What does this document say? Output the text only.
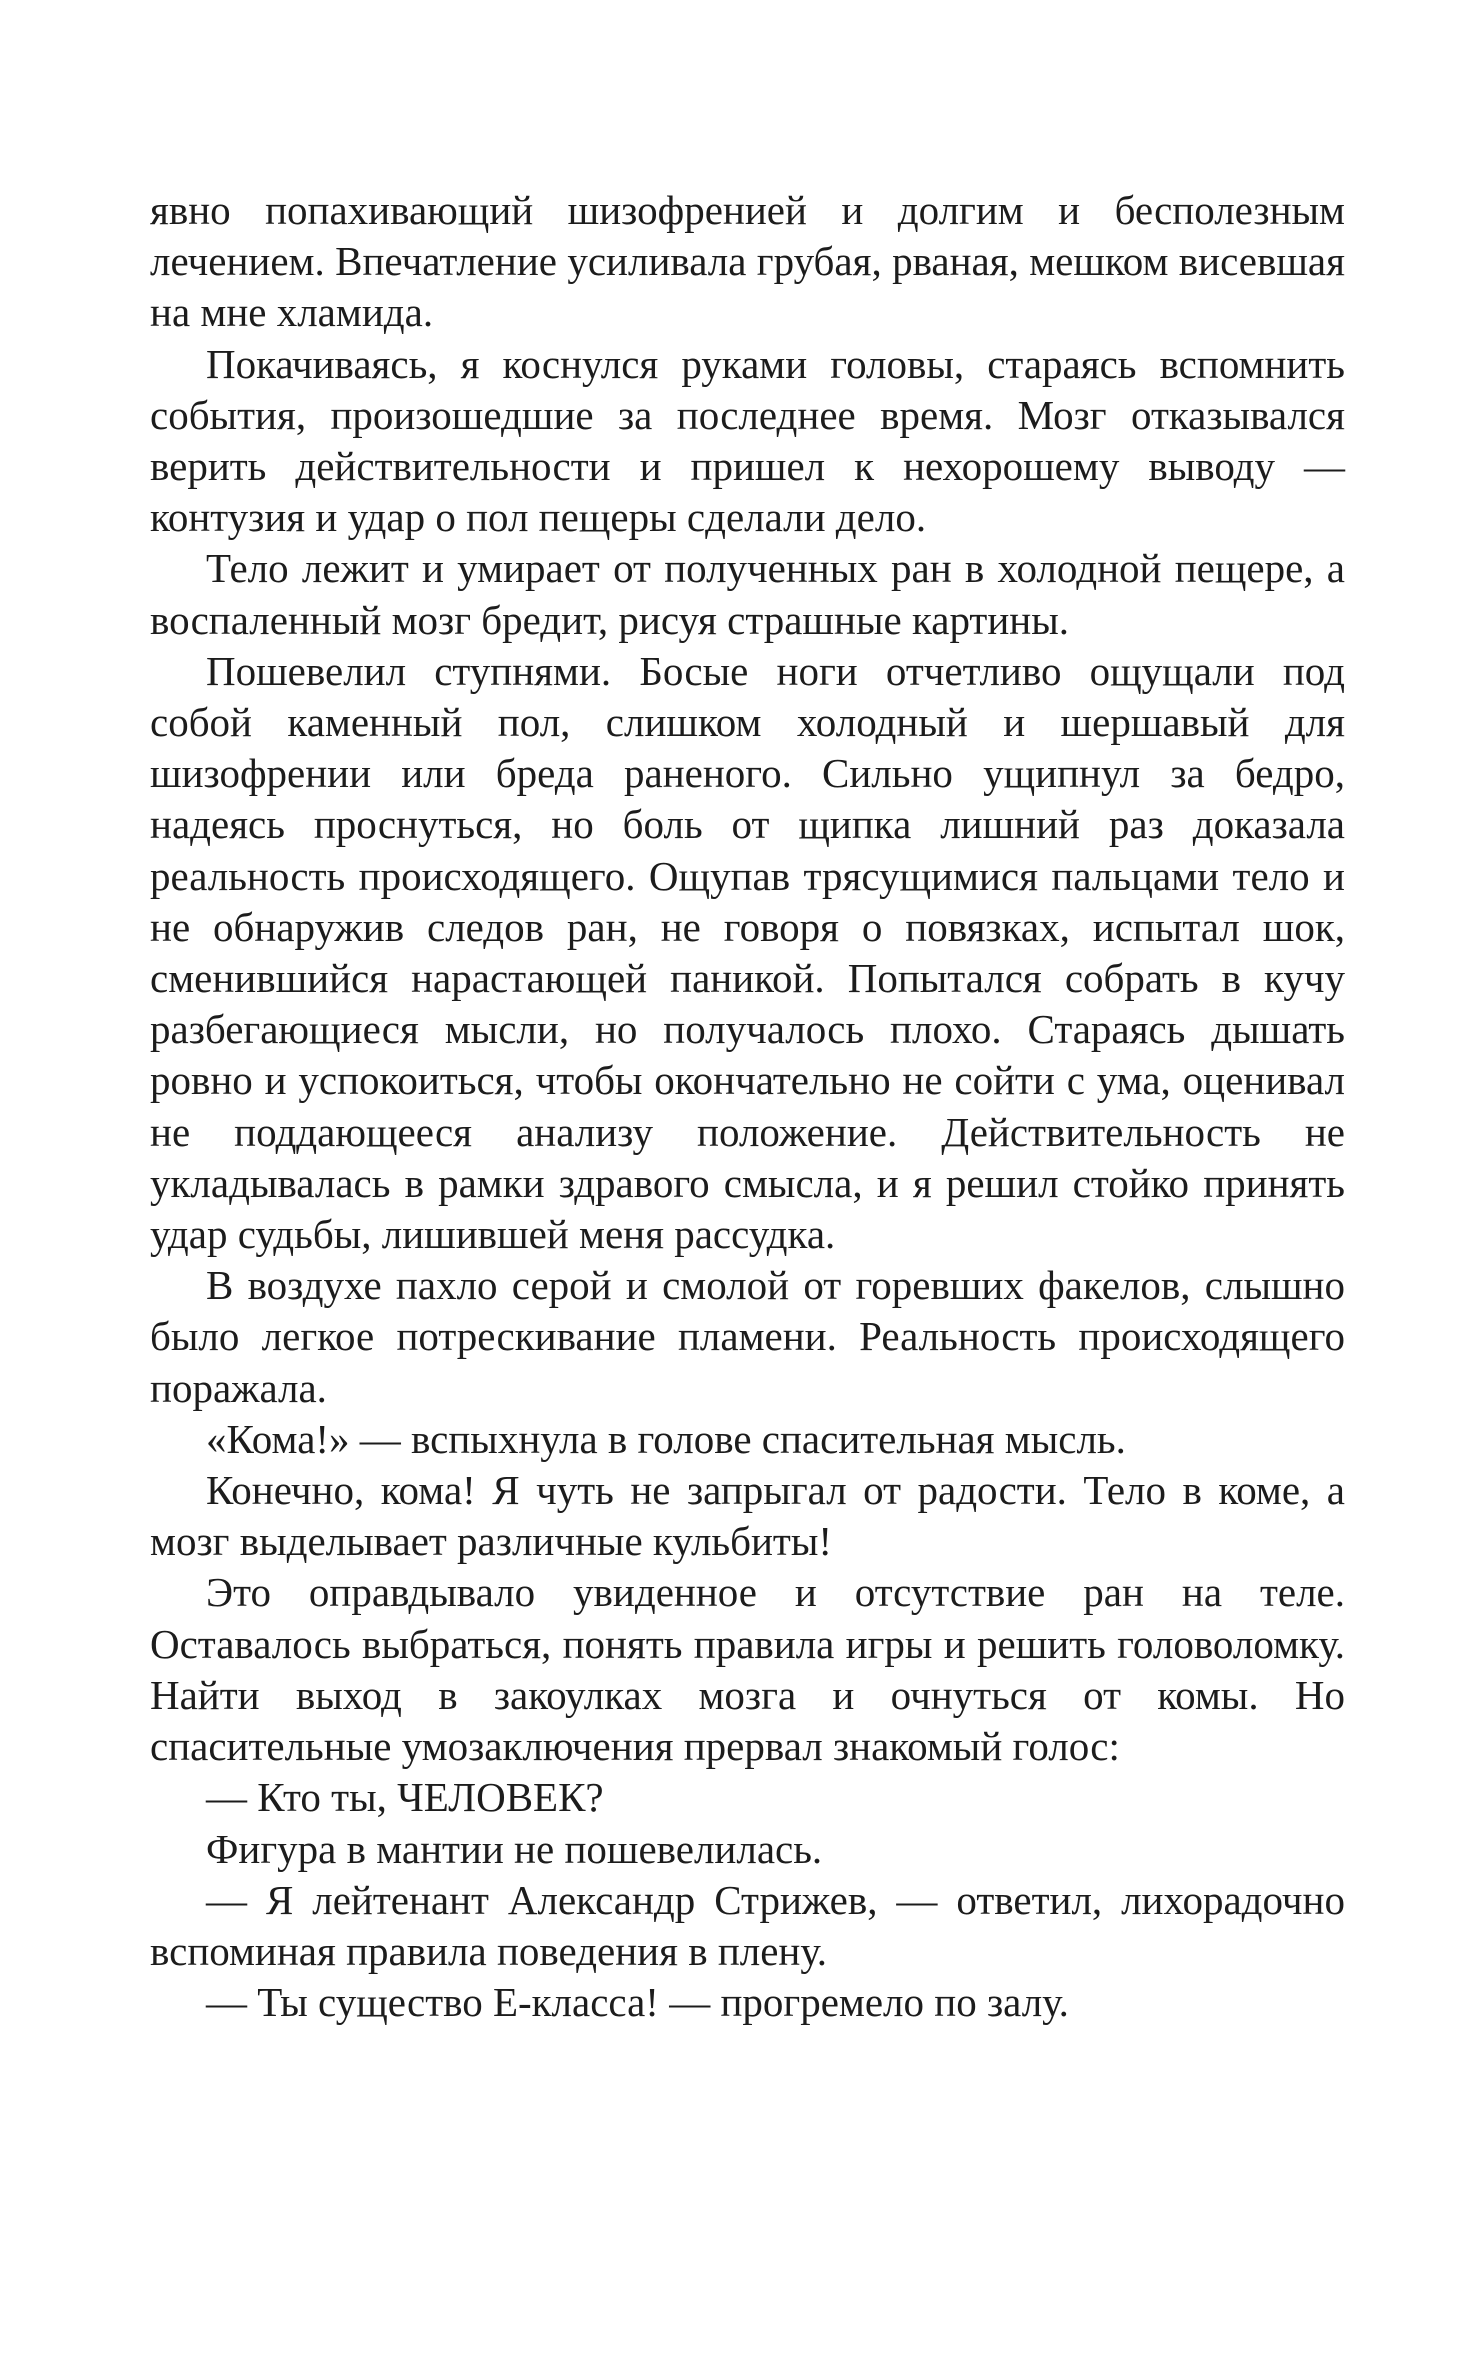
явно попахивающий шизофренией и долгим и бесполезным лечением. Впечатление усиливала грубая, рваная, мешком висевшая на мне хламида.

Покачиваясь, я коснулся руками головы, стараясь вспомнить события, произошедшие за последнее время. Мозг отказывался верить действительности и пришел к нехорошему выводу — контузия и удар о пол пещеры сделали дело.

Тело лежит и умирает от полученных ран в холодной пещере, а воспаленный мозг бредит, рисуя страшные картины.

Пошевелил ступнями. Босые ноги отчетливо ощущали под собой каменный пол, слишком холодный и шершавый для шизофрении или бреда раненого. Сильно ущипнул за бедро, надеясь проснуться, но боль от щипка лишний раз доказала реальность происходящего. Ощупав трясущимися пальцами тело и не обнаружив следов ран, не говоря о повязках, испытал шок, сменившийся нарастающей паникой. Попытался собрать в кучу разбегающиеся мысли, но получалось плохо. Стараясь дышать ровно и успокоиться, чтобы окончательно не сойти с ума, оценивал не поддающееся анализу положение. Действительность не укладывалась в рамки здравого смысла, и я решил стойко принять удар судьбы, лишившей меня рассудка.

В воздухе пахло серой и смолой от горевших факелов, слышно было легкое потрескивание пламени. Реальность происходящего поражала.

«Кома!» — вспыхнула в голове спасительная мысль.

Конечно, кома! Я чуть не запрыгал от радости. Тело в коме, а мозг выделывает различные кульбиты!

Это оправдывало увиденное и отсутствие ран на теле. Оставалось выбраться, понять правила игры и решить головоломку. Найти выход в закоулках мозга и очнуться от комы. Но спасительные умозаключения прервал знакомый голос:

— Кто ты, ЧЕЛОВЕК?

Фигура в мантии не пошевелилась.

— Я лейтенант Александр Стрижев, — ответил, лихорадочно вспоминая правила поведения в плену.

— Ты существо Е-класса! — прогремело по залу.
